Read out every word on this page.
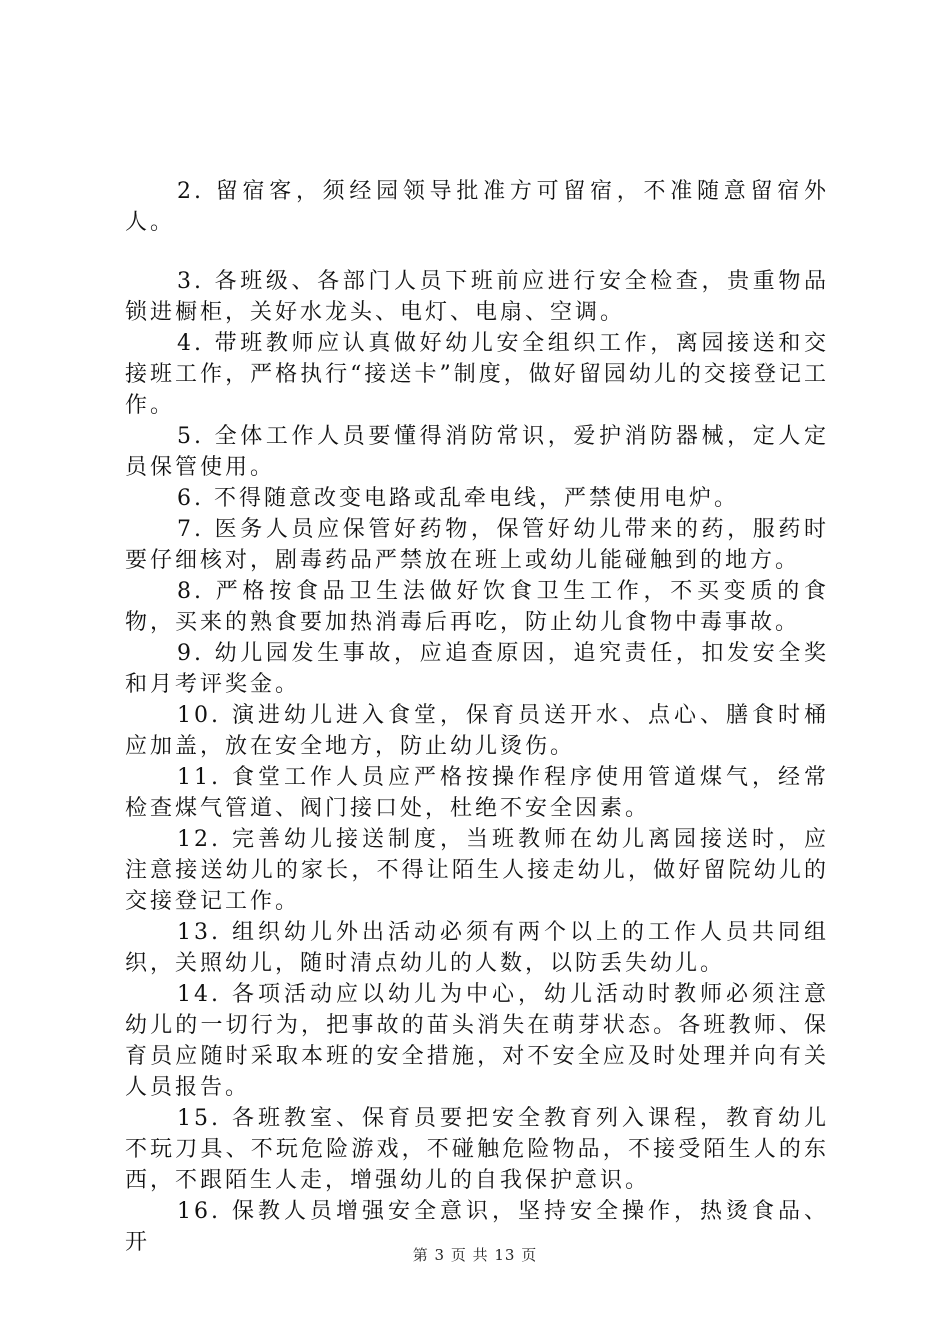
2. 留宿客，须经园领导批准方可留宿，不准随意留宿外人。

3. 各班级、各部门人员下班前应进行安全检查，贵重物品锁进橱柜，关好水龙头、电灯、电扇、空调。

4. 带班教师应认真做好幼儿安全组织工作，离园接送和交接班工作，严格执行“接送卡”制度，做好留园幼儿的交接登记工作。

5. 全体工作人员要懂得消防常识，爱护消防器械，定人定员保管使用。

6. 不得随意改变电路或乱牵电线，严禁使用电炉。

7. 医务人员应保管好药物，保管好幼儿带来的药，服药时要仔细核对，剧毒药品严禁放在班上或幼儿能碰触到的地方。

8. 严格按食品卫生法做好饮食卫生工作，不买变质的食物，买来的熟食要加热消毒后再吃，防止幼儿食物中毒事故。

9. 幼儿园发生事故，应追查原因，追究责任，扣发安全奖和月考评奖金。

10. 演进幼儿进入食堂，保育员送开水、点心、膳食时桶应加盖，放在安全地方，防止幼儿烫伤。

11. 食堂工作人员应严格按操作程序使用管道煤气，经常检查煤气管道、阀门接口处，杜绝不安全因素。

12. 完善幼儿接送制度，当班教师在幼儿离园接送时，应注意接送幼儿的家长，不得让陌生人接走幼儿，做好留院幼儿的交接登记工作。

13. 组织幼儿外出活动必须有两个以上的工作人员共同组织，关照幼儿，随时清点幼儿的人数，以防丢失幼儿。

14. 各项活动应以幼儿为中心，幼儿活动时教师必须注意幼儿的一切行为，把事故的苗头消失在萌芽状态。各班教师、保育员应随时采取本班的安全措施，对不安全应及时处理并向有关人员报告。

15. 各班教室、保育员要把安全教育列入课程，教育幼儿不玩刀具、不玩危险游戏，不碰触危险物品，不接受陌生人的东西，不跟陌生人走，增强幼儿的自我保护意识。

16. 保教人员增强安全意识，坚持安全操作，热烫食品、开	第 3 页 共 13 页
